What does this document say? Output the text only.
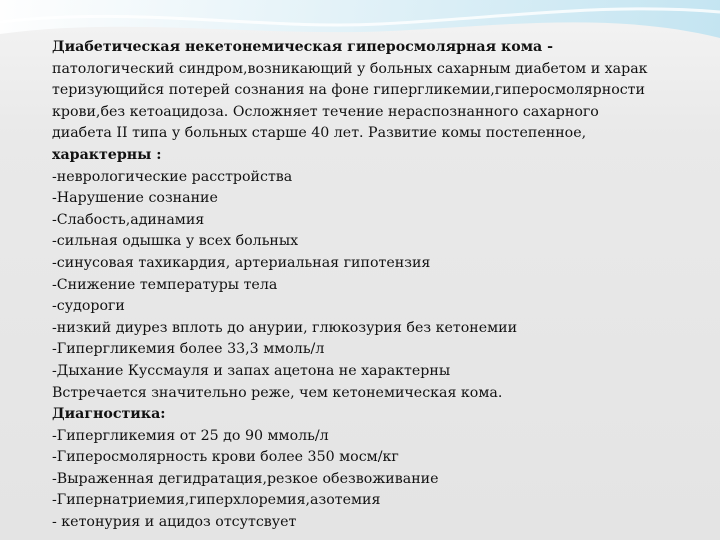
Диабетическая некетонемическая гиперосмолярная кома -
патологический синдром,возникающий у больных сахарным диабетом и харак
теризующийся потерей сознания на фоне гипергликемии,гиперосмолярности
крови,без кетоацидоза. Осложняет течение нераспознанного сахарного
диабета II типа у больных старше 40 лет. Развитие комы постепенное,
характерны :
-неврологические расстройства
-Нарушение сознание
-Слабость,адинамия
-сильная одышка у всех больных
-синусовая тахикардия, артериальная гипотензия
-Снижение температуры тела
-судороги
-низкий диурез вплоть до анурии, глюкозурия без кетонемии
-Гипергликемия более 33,3 ммоль/л
-Дыхание Куссмауля и запах ацетона не характерны
Встречается значительно реже, чем кетонемическая кома.
Диагностика:
-Гипергликемия от 25 до 90 ммоль/л
-Гиперосмолярность крови более 350 мосм/кг
-Выраженная дегидратация,резкое обезвоживание
-Гипернатриемия,гиперхлоремия,азотемия
- кетонурия и ацидоз отсутсвует
